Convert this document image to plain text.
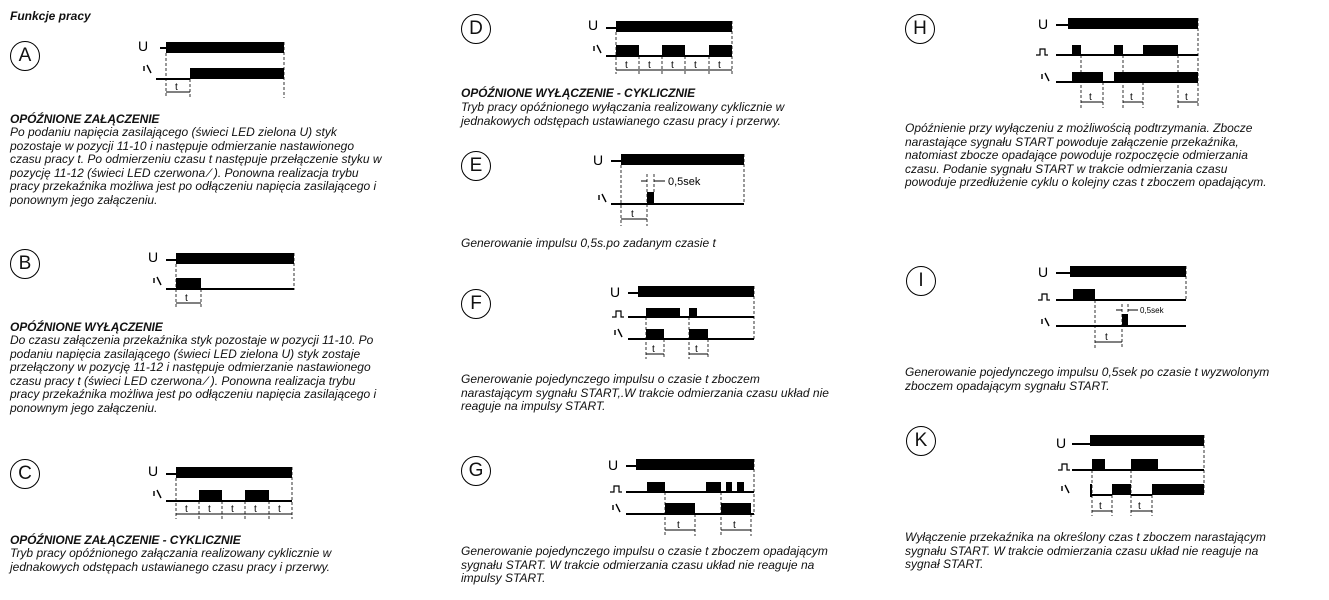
Funkcje pracy
A	U
t
OPÓŹNIONE ZAŁĄCZENIE
Po podaniu napięcia zasilającego (świeci LED zielona U) styk
pozostaje w pozycji 11-10 i następuje odmierzanie nastawionego
czasu pracy t. Po odmierzeniu czasu t następuje przełączenie styku w
pozycję 11-12 (świeci LED czerwona ⁄ ). Ponowna realizacja trybu
pracy przekaźnika możliwa jest po odłączeniu napięcia zasilającego i
ponownym jego załączeniu.
B	U
t
OPÓŹNIONE WYŁĄCZENIE
Do czasu załączenia przekaźnika styk pozostaje w pozycji 11-10. Po
podaniu napięcia zasilającego (świeci LED zielona U) styk zostaje
przełączony w pozycję 11-12 i następuje odmierzanie nastawionego
czasu pracy t (świeci LED czerwona ⁄ ). Ponowna realizacja trybu
pracy przekaźnika możliwa jest po odłączeniu napięcia zasilającego i
ponownym jego załączeniu.
C	U
t t t t t
OPÓŹNIONE ZAŁĄCZENIE - CYKLICZNIE
Tryb pracy opóźnionego załączania realizowany cyklicznie w
jednakowych odstępach ustawianego czasu pracy i przerwy.
D	U
t t t t t
OPÓŹNIONE WYŁĄCZENIE - CYKLICZNIE
Tryb pracy opóźnionego wyłączania realizowany cyklicznie w
jednakowych odstępach ustawianego czasu pracy i przerwy.
E	U
0,5sek
t
Generowanie impulsu 0,5s.po zadanym czasie t
F
U
t	t
Generowanie pojedynczego impulsu o czasie t zboczem
narastającym sygnału START,.W trakcie odmierzania czasu układ nie
reaguje na impulsy START.
G	U
t	t
Generowanie pojedynczego impulsu o czasie t zboczem opadającym
sygnału START. W trakcie odmierzania czasu układ nie reaguje na
impulsy START.
H	U
t	t	t
Opóźnienie przy wyłączeniu z możliwością podtrzymania. Zbocze
narastające sygnału START powoduje załączenie przekaźnika,
natomiast zbocze opadające powoduje rozpoczęcie odmierzania
czasu. Podanie sygnału START w trakcie odmierzania czasu
powoduje przedłużenie cyklu o kolejny czas t zboczem opadającym.
I	U
0,5sek
t
Generowanie pojedynczego impulsu 0,5sek po czasie t wyzwolonym
zboczem opadającym sygnału START.
K	U
t	t
Wyłączenie przekaźnika na określony czas t zboczem narastającym
sygnału START. W trakcie odmierzania czasu układ nie reaguje na
sygnał START.
